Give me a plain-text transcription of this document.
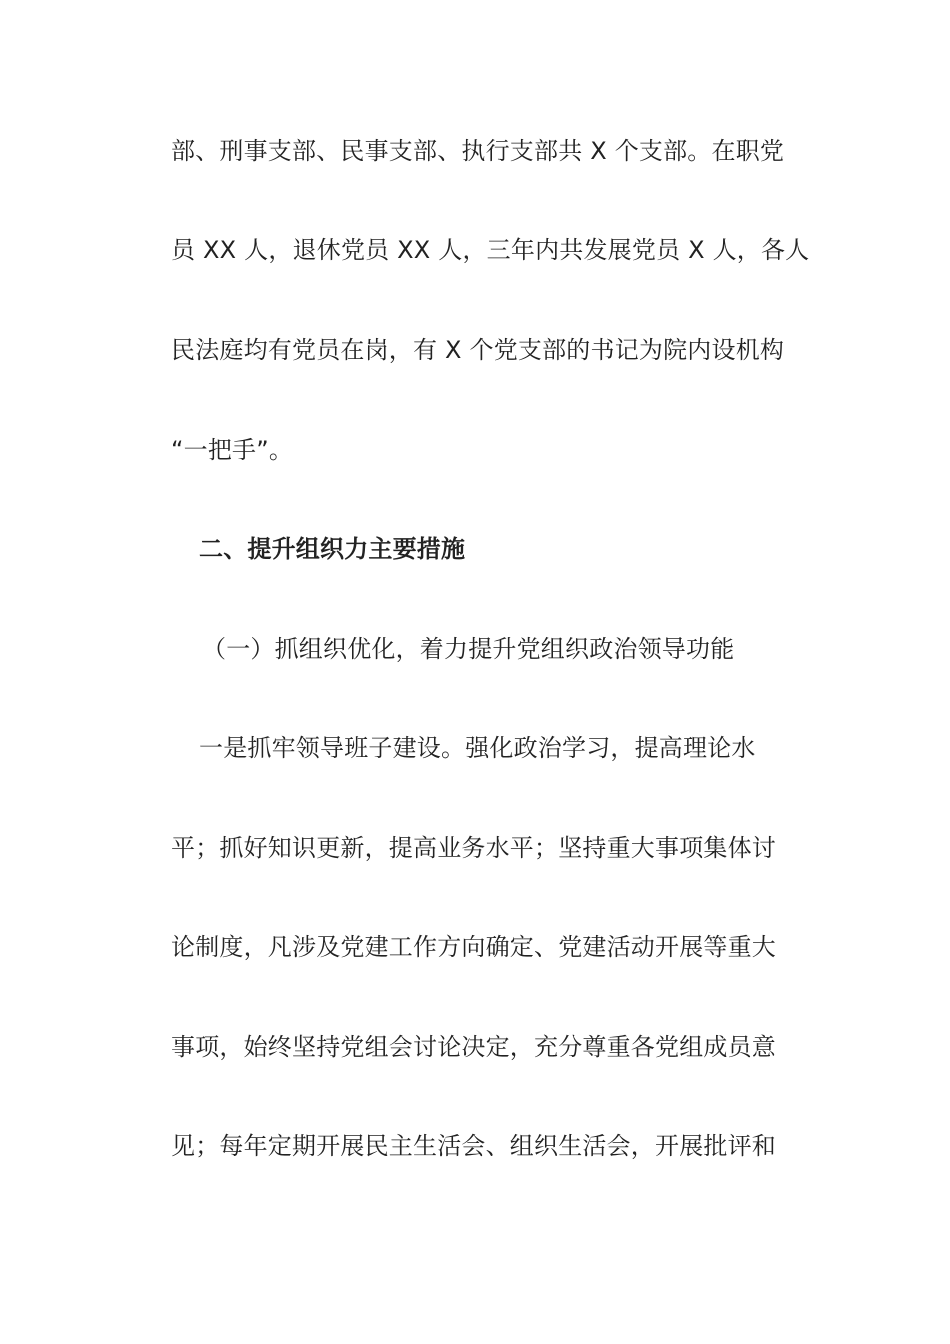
部、刑事支部、民事支部、执行支部共 X 个支部。在职党
员 XX 人，退休党员 XX 人，三年内共发展党员 X 人，各人
民法庭均有党员在岗，有 X 个党支部的书记为院内设机构
“一把手”。
二、提升组织力主要措施
（一）抓组织优化，着力提升党组织政治领导功能
一是抓牢领导班子建设。强化政治学习，提高理论水
平；抓好知识更新，提高业务水平；坚持重大事项集体讨
论制度，凡涉及党建工作方向确定、党建活动开展等重大
事项，始终坚持党组会讨论决定，充分尊重各党组成员意
见；每年定期开展民主生活会、组织生活会，开展批评和
